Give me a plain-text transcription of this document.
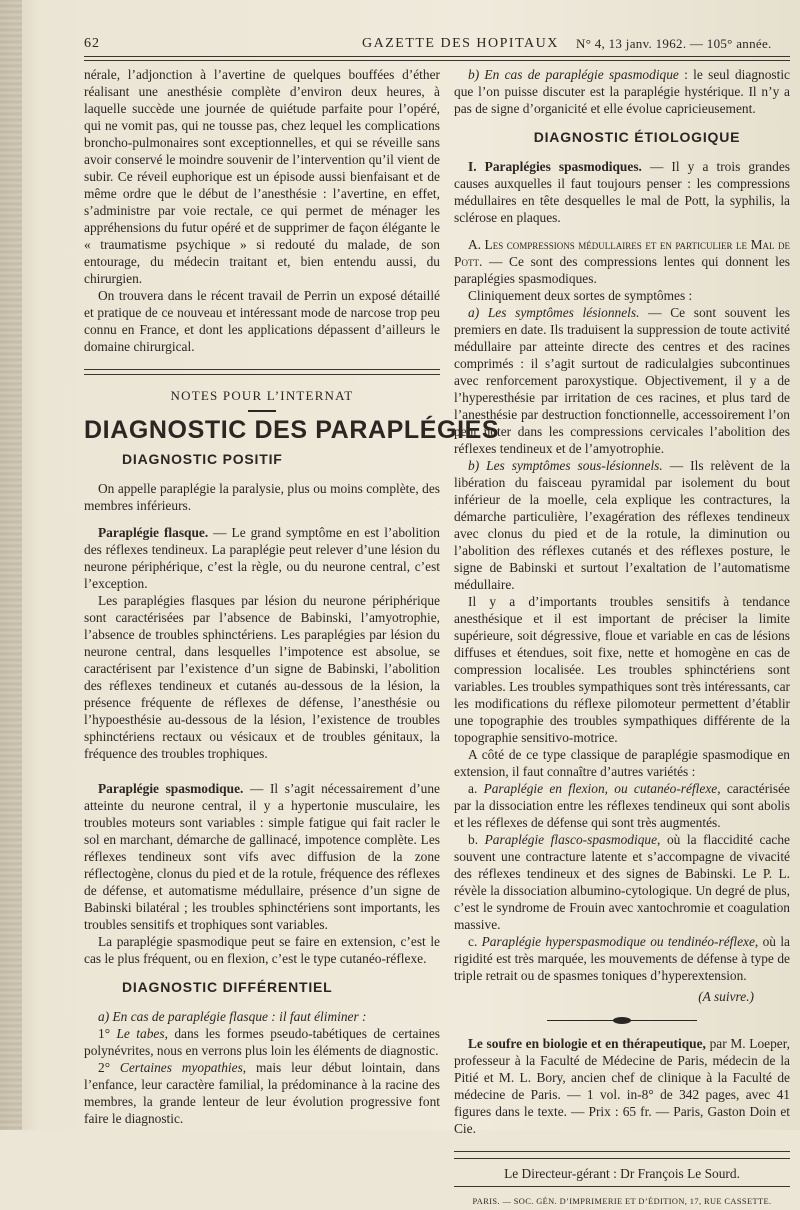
62	GAZETTE DES HOPITAUX N° 4, 13 janv. 1962. — 105° année.

nérale, l’adjonction à l’avertine de quelques bouffées d’éther réalisant une anesthésie complète d’environ deux heures, à laquelle succède une journée de quiétude parfaite pour l’opéré, qui ne vomit pas, qui ne tousse pas, chez lequel les complications broncho-pulmonaires sont exceptionnelles, et qui se réveille sans avoir conservé le moindre souvenir de l’intervention qu’il vient de subir. Ce réveil euphorique est un épisode aussi bienfaisant et de même ordre que le début de l’anesthésie : l’avertine, en effet, s’administre par voie rectale, ce qui permet de ménager les appréhensions du futur opéré et de supprimer de façon élégante le « traumatisme psychique » si redouté du malade, de son entourage, du médecin traitant et, bien entendu aussi, du chirurgien.

On trouvera dans le récent travail de Perrin un exposé détaillé et pratique de ce nouveau et intéressant mode de narcose trop peu connu en France, et dont les applications dépassent d’ailleurs le domaine chirurgical.

NOTES POUR L’INTERNAT
DIAGNOSTIC DES PARAPLÉGIES
DIAGNOSTIC POSITIF

On appelle paraplégie la paralysie, plus ou moins complète, des membres inférieurs.

Paraplégie flasque. — Le grand symptôme en est l’abolition des réflexes tendineux. La paraplégie peut relever d’une lésion du neurone périphérique, c’est la règle, ou du neurone central, c’est l’exception.

Les paraplégies flasques par lésion du neurone périphérique sont caractérisées par l’absence de Babinski, l’amyotrophie, l’absence de troubles sphinctériens. Les paraplégies par lésion du neurone central, dans lesquelles l’impotence est absolue, se caractérisent par l’existence d’un signe de Babinski, l’abolition des réflexes tendineux et cutanés au-dessous de la lésion, la présence fréquente de réflexes de défense, l’anesthésie ou l’hypoesthésie au-dessous de la lésion, l’existence de troubles sphinctériens rectaux ou vésicaux et de troubles génitaux, la fréquence des troubles trophiques.

Paraplégie spasmodique. — Il s’agit nécessairement d’une atteinte du neurone central, il y a hypertonie musculaire, les troubles moteurs sont variables : simple fatigue qui fait racler le sol en marchant, démarche de gallinacé, impotence complète. Les réflexes tendineux sont vifs avec diffusion de la zone réflectogène, clonus du pied et de la rotule, fréquence des réflexes de défense, et automatisme médullaire, présence d’un signe de Babinski bilatéral ; les troubles sphinctériens sont importants, les troubles sensitifs et trophiques sont variables.

La paraplégie spasmodique peut se faire en extension, c’est le cas le plus fréquent, ou en flexion, c’est le type cutanéo-réflexe.

DIAGNOSTIC DIFFÉRENTIEL

a) En cas de paraplégie flasque : il faut éliminer :

1° Le tabes, dans les formes pseudo-tabétiques de certaines polynévrites, nous en verrons plus loin les éléments de diagnostic.

2° Certaines myopathies, mais leur début lointain, dans l’enfance, leur caractère familial, la prédominance à la racine des membres, la grande lenteur de leur évolution progressive font faire le diagnostic.

b) En cas de paraplégie spasmodique : le seul diagnostic que l’on puisse discuter est la paraplégie hystérique. Il n’y a pas de signe d’organicité et elle évolue capricieusement.

DIAGNOSTIC ÉTIOLOGIQUE

I. Paraplégies spasmodiques. — Il y a trois grandes causes auxquelles il faut toujours penser : les compressions médullaires en tête desquelles le mal de Pott, la syphilis, la sclérose en plaques.

A. Les compressions médullaires et en particulier le Mal de Pott. — Ce sont des compressions lentes qui donnent les paraplégies spasmodiques.

Cliniquement deux sortes de symptômes :

a) Les symptômes lésionnels. — Ce sont souvent les premiers en date. Ils traduisent la suppression de toute activité médullaire par atteinte directe des centres et des racines comprimés : il s’agit surtout de radiculalgies subcontinues avec renforcement paroxystique. Objectivement, il y a de l’hyperesthésie par irritation de ces racines, et plus tard de l’anesthésie par destruction fonctionnelle, accessoirement l’on peut noter dans les compressions cervicales l’abolition des réflexes tendineux et de l’amyotrophie.

b) Les symptômes sous-lésionnels. — Ils relèvent de la libération du faisceau pyramidal par isolement du bout inférieur de la moelle, cela explique les contractures, la démarche particulière, l’exagération des réflexes tendineux avec clonus du pied et de la rotule, la diminution ou l’abolition des réflexes cutanés et des réflexes posture, le signe de Babinski et surtout l’exaltation de l’automatisme médullaire.

Il y a d’importants troubles sensitifs à tendance anesthésique et il est important de préciser la limite supérieure, soit dégressive, floue et variable en cas de lésions diffuses et étendues, soit fixe, nette et homogène en cas de compression localisée. Les troubles sphinctériens sont variables. Les troubles sympathiques sont très intéressants, car les modifications du réflexe pilomoteur permettent d’établir une topographie des troubles sympathiques différente de la topographie sensitivo-motrice.

A côté de ce type classique de paraplégie spasmodique en extension, il faut connaître d’autres variétés :

a. Paraplégie en flexion, ou cutanéo-réflexe, caractérisée par la dissociation entre les réflexes tendineux qui sont abolis et les réflexes de défense qui sont très augmentés.

b. Paraplégie flasco-spasmodique, où la flaccidité cache souvent une contracture latente et s’accompagne de vivacité des réflexes tendineux et des signes de Babinski. Le P. L. révèle la dissociation albumino-cytologique. Un degré de plus, c’est le syndrome de Frouin avec xantochromie et coagulation massive.

c. Paraplégie hyperspasmodique ou tendinéo-réflexe, où la rigidité est très marquée, les mouvements de défense à type de triple retrait ou de spasmes toniques d’hyperextension.

(A suivre.)

Le soufre en biologie et en thérapeutique, par M. Loeper, professeur à la Faculté de Médecine de Paris, médecin de la Pitié et M. L. Bory, ancien chef de clinique à la Faculté de médecine de Paris. — 1 vol. in-8° de 342 pages, avec 41 figures dans le texte. — Prix : 65 fr. — Paris, Gaston Doin et Cie.

Le Directeur-gérant : Dr François Le Sourd.
PARIS. — SOC. GÉN. D’IMPRIMERIE ET D’ÉDITION, 17, RUE CASSETTE.
